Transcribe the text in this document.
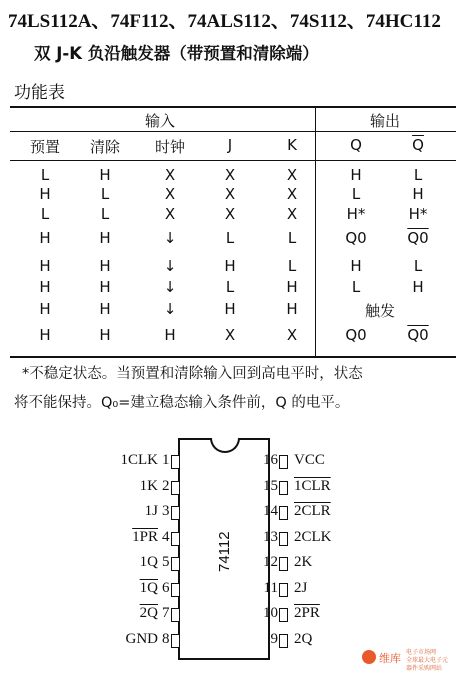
74LS112A、74F112、74ALS112、74S112、74HC112
双 J-K 负沿触发器（带预置和清除端）
功能表
输入	输出
预置	清除	时钟	J	K	Q	$\overline{Q}$
L	H	X	X	X	H	L
H	L	X	X	X	L	H
L	L	X	X	X	H*	H*
H	H	↓	L	L	Q0	Q0
H	H	↓	H	L	H	L
H	H	↓	L	H	L	H
H	H	↓	H	H	触发
H	H	H	X	X	Q0	Q0
*不稳定状态。当预置和清除输入回到高电平时，状态
将不能保持。Q₀=建立稳态输入条件前，Q 的电平。
74112
1CLK 1
1K 2
1J 3
1PR 4
1Q 5
1Q 6
2Q 7
GND 8
16 VCC
15 1CLR
14 2CLR
13 2CLK
12 2K
11 2J
10 2PR
9 2Q
维库 电子市场网
全球最大电子元器件采购网站
